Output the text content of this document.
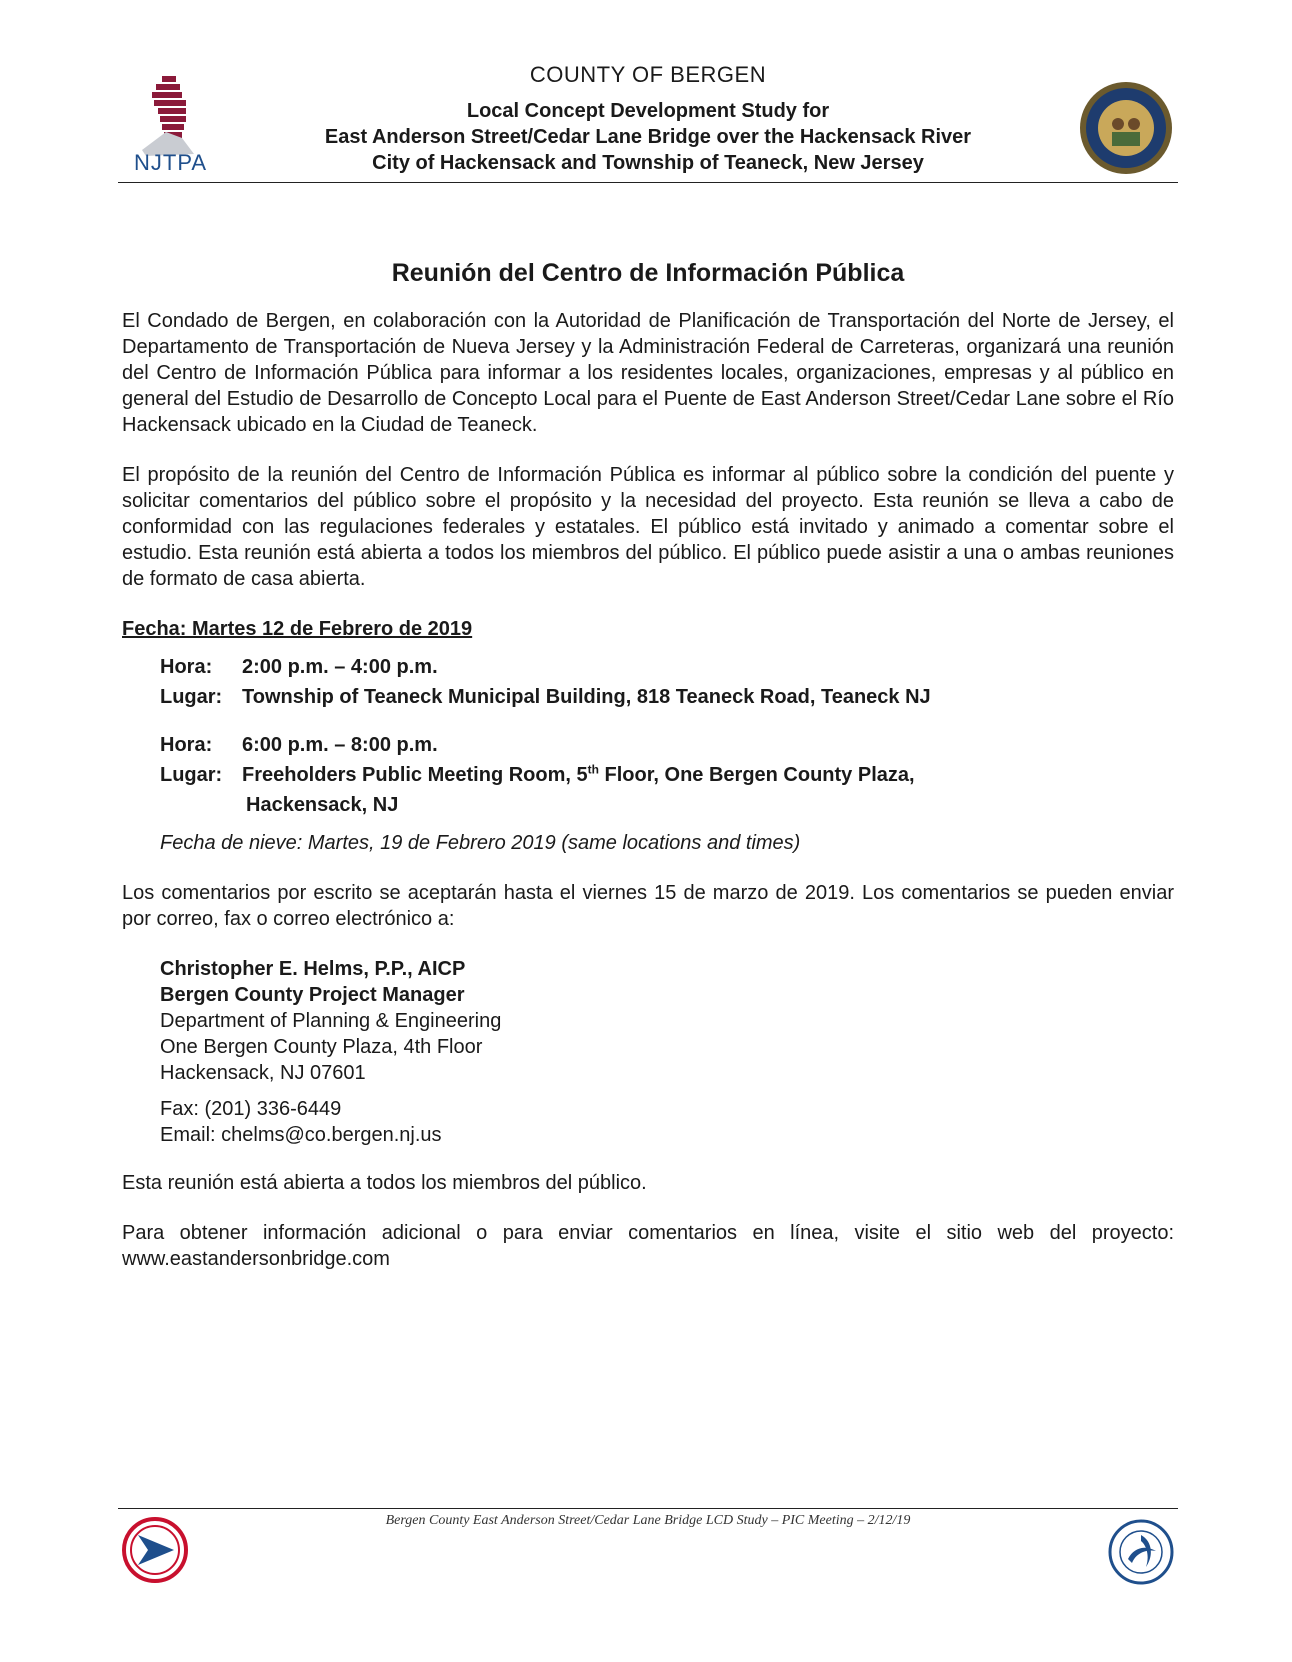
NJTPA
COUNTY OF BERGEN
Local Concept Development Study for
East Anderson Street/Cedar Lane Bridge over the Hackensack River
City of Hackensack and Township of Teaneck, New Jersey
Reunión del Centro de Información Pública

El Condado de Bergen, en colaboración con la Autoridad de Planificación de Transportación del Norte de Jersey, el Departamento de Transportación de Nueva Jersey y la Administración Federal de Carreteras, organizará una reunión del Centro de Información Pública para informar a los residentes locales, organizaciones, empresas y al público en general del Estudio de Desarrollo de Concepto Local para el Puente de East Anderson Street/Cedar Lane sobre el Río Hackensack ubicado en la Ciudad de Teaneck.

El propósito de la reunión del Centro de Información Pública es informar al público sobre la condición del puente y solicitar comentarios del público sobre el propósito y la necesidad del proyecto. Esta reunión se lleva a cabo de conformidad con las regulaciones federales y estatales. El público está invitado y animado a comentar sobre el estudio. Esta reunión está abierta a todos los miembros del público. El público puede asistir a una o ambas reuniones de formato de casa abierta.

Fecha: Martes 12 de Febrero de 2019
Hora:	2:00 p.m. – 4:00 p.m.
Lugar: Township of Teaneck Municipal Building, 818 Teaneck Road, Teaneck NJ
Hora:	6:00 p.m. – 8:00 p.m.
Lugar: Freeholders Public Meeting Room, 5th Floor, One Bergen County Plaza,
Hackensack, NJ
Fecha de nieve: Martes, 19 de Febrero 2019 (same locations and times)

Los comentarios por escrito se aceptarán hasta el viernes 15 de marzo de 2019. Los comentarios se pueden enviar por correo, fax o correo electrónico a:

Christopher E. Helms, P.P., AICP
Bergen County Project Manager
Department of Planning & Engineering
One Bergen County Plaza, 4th Floor
Hackensack, NJ 07601
Fax: (201) 336-6449
Email: chelms@co.bergen.nj.us

Esta reunión está abierta a todos los miembros del público.

Para obtener información adicional o para enviar comentarios en línea, visite el sitio web del proyecto: www.eastandersonbridge.com

Bergen County East Anderson Street/Cedar Lane Bridge LCD Study – PIC Meeting – 2/12/19
